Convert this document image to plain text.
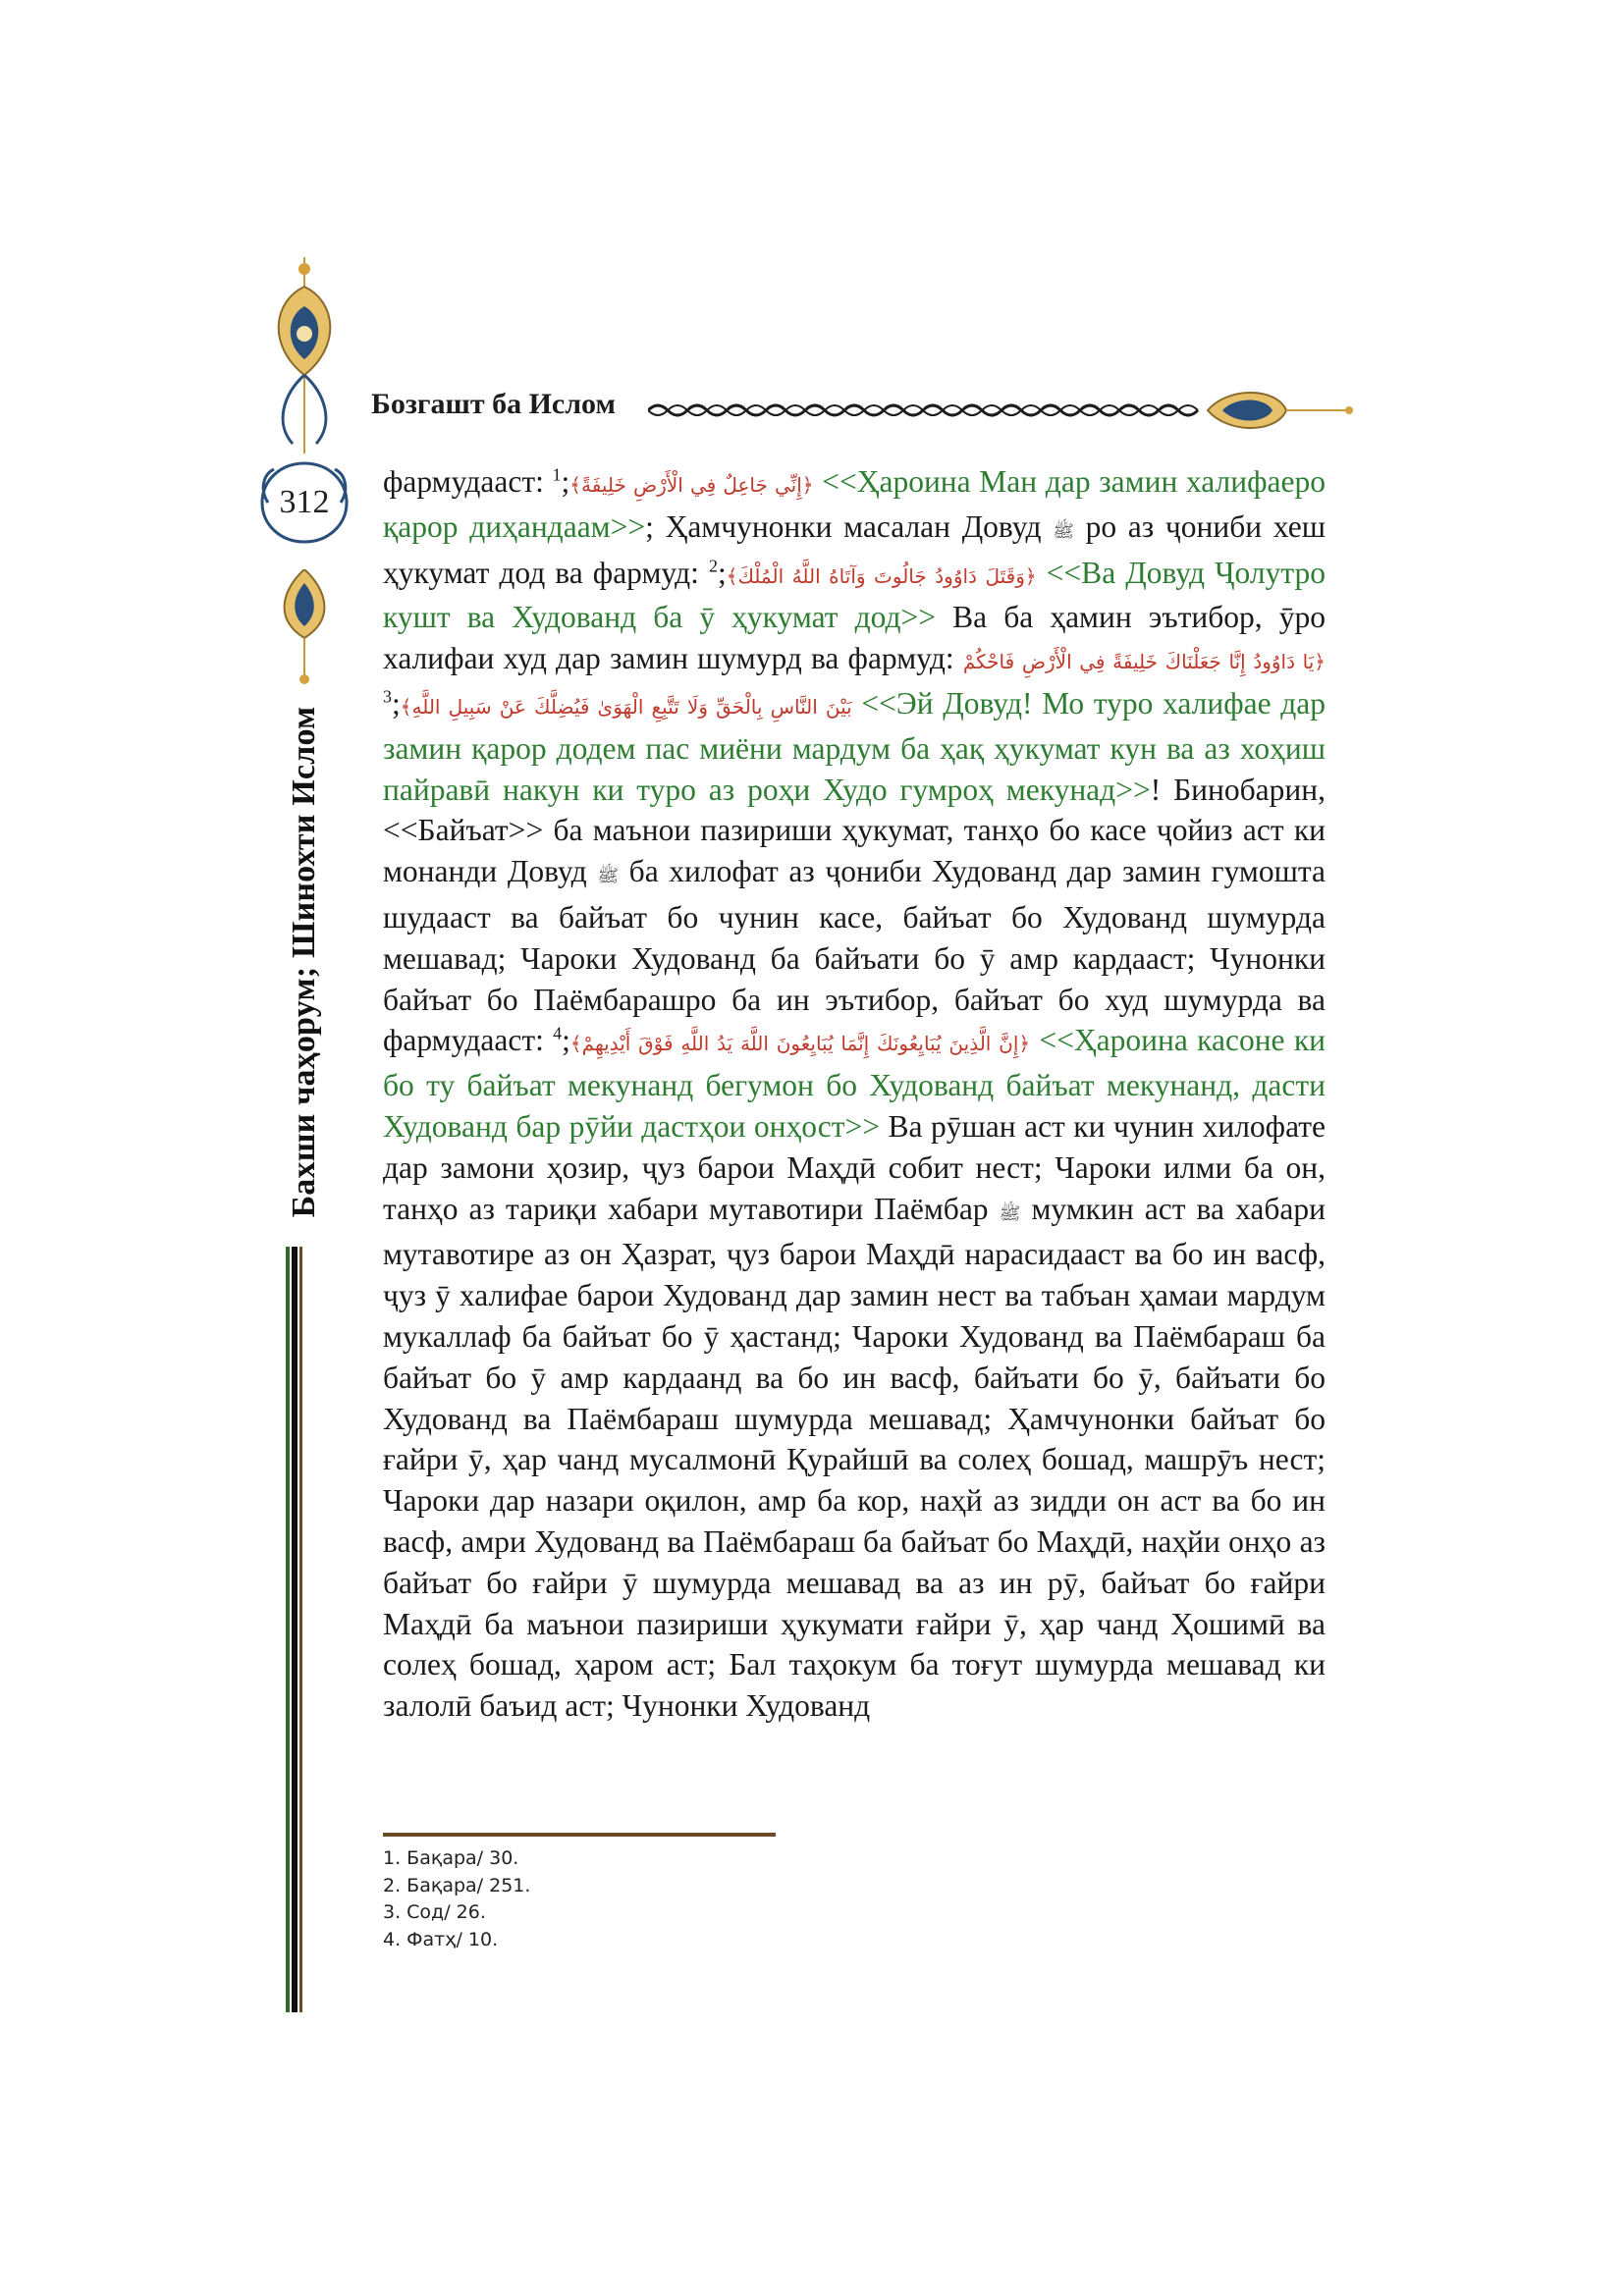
312
Бахши чаҳорум; Шинохти Ислом
Бозгашт ба Ислом
фармудааст: ﴿إِنِّي جَاعِلٌ فِي الْأَرْضِ خَلِيفَةً﴾;$^1$	<<Ҳароина Ман дар замин халифаеро қарор диҳандаам>>; Ҳамчунонки масалан Довуд ﷺ ро аз ҷониби хеш ҳукумат дод ва фармуд: ﴿وَقَتَلَ دَاوُودُ جَالُوتَ وَآتَاهُ اللَّهُ الْمُلْكَ﴾;$^2$	<<Ва Довуд Ҷолутро кушт ва Худованд ба ӯ ҳукумат дод>> Ва ба ҳамин эътибор, ӯро халифаи худ дар замин шумурд ва фармуд: ﴿يَا دَاوُودُ إِنَّا جَعَلْنَاكَ خَلِيفَةً فِي الْأَرْضِ فَاحْكُمْ بَيْنَ النَّاسِ بِالْحَقِّ وَلَا تَتَّبِعِ الْهَوَىٰ فَيُضِلَّكَ عَنْ سَبِيلِ اللَّهِ﴾;$^3$	<<Эй Довуд! Мо туро халифае дар замин қарор додем пас миёни мардум ба ҳақ ҳукумат кун ва аз хоҳиш пайравӣ накун ки туро аз роҳи Худо гумроҳ мекунад>>! Бинобарин, <<Байъат>> ба маънои пазириши ҳукумат, танҳо бо касе ҷойиз аст ки монанди Довуд ﷺ ба хилофат аз ҷониби Худованд дар замин гумошта шудааст ва байъат бо чунин касе, байъат бо Худованд шумурда мешавад; Чароки Худованд ба байъати бо ӯ амр кардааст; Чунонки байъат бо Паёмбарашро ба ин эътибор, байъат бо худ шумурда ва фармудааст: ﴿إِنَّ الَّذِينَ يُبَايِعُونَكَ إِنَّمَا يُبَايِعُونَ اللَّهَ يَدُ اللَّهِ فَوْقَ أَيْدِيهِمْ﴾;$^4$	<<Ҳароина касоне ки бо ту байъат мекунанд бегумон бо Худованд байъат мекунанд, дасти Худованд бар рӯйи дастҳои онҳост>> Ва рӯшан аст ки чунин хилофате дар замони ҳозир, ҷуз барои Маҳдӣ собит нест; Чароки илми ба он, танҳо аз тариқи хабари мутавотири Паёмбар ﷺ мумкин аст ва хабари мутавотире аз он Ҳазрат, ҷуз барои Маҳдӣ нарасидааст ва бо ин васф, ҷуз ӯ халифае барои Худованд дар замин нест ва табъан ҳамаи мардум мукаллаф ба байъат бо ӯ ҳастанд; Чароки Худованд ва Паёмбараш ба байъат бо ӯ амр кардаанд ва бо ин васф, байъати бо ӯ, байъати бо Худованд ва Паёмбараш шумурда мешавад; Ҳамчунонки байъат бо ғайри ӯ, ҳар чанд мусалмонӣ Қурайшӣ ва солеҳ бошад, машрӯъ нест; Чароки дар назари оқилон, амр ба кор, наҳй аз зидди он аст ва бо ин васф, амри Худованд ва Паёмбараш ба байъат бо Маҳдӣ, наҳйи онҳо аз байъат бо ғайри ӯ шумурда мешавад ва аз ин рӯ, байъат бо ғайри Маҳдӣ ба маънои пазириши ҳукумати ғайри ӯ, ҳар чанд Ҳошимӣ ва солеҳ бошад, ҳаром аст; Бал таҳокум ба тоғут шумурда мешавад ки залолӣ баъид аст; Чунонки Худованд
1. Бақара/ 30.
2. Бақара/ 251.
3. Сод/ 26.
4. Фатҳ/ 10.
